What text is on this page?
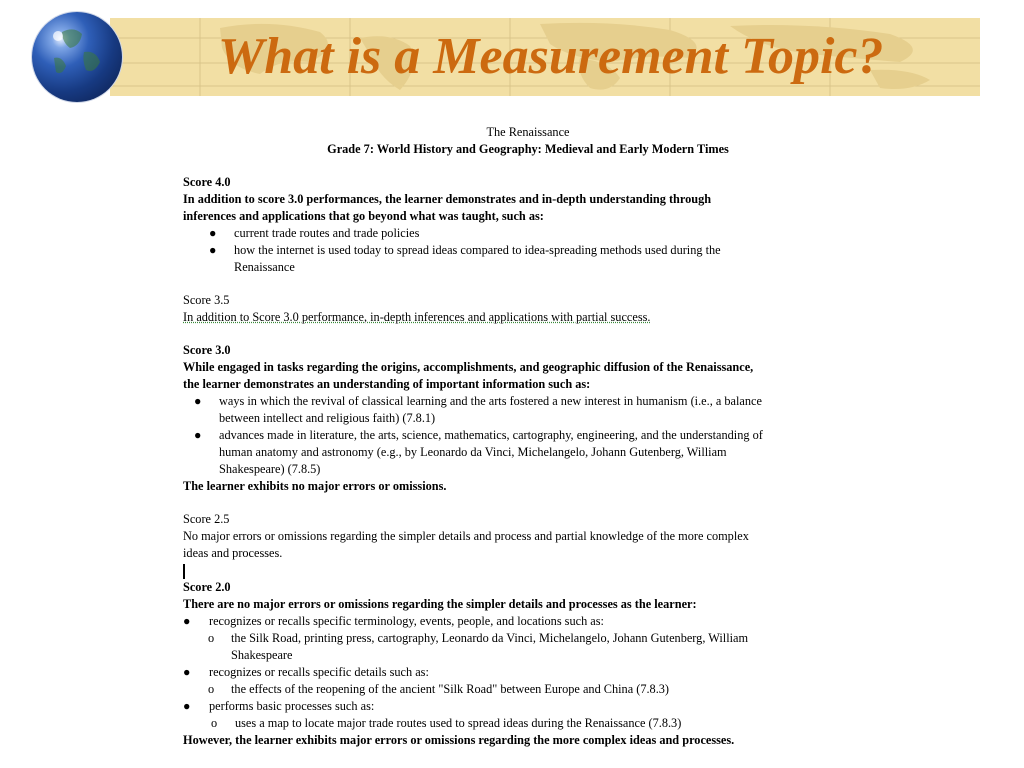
What is a Measurement Topic?
The Renaissance
Grade 7: World History and Geography: Medieval and Early Modern Times
Score 4.0
In addition to score 3.0 performances, the learner demonstrates and in-depth understanding through
inferences and applications that go beyond what was taught, such as:
● current trade routes and trade policies
● how the internet is used today to spread ideas compared to idea-spreading methods used during the
Renaissance
Score 3.5
In addition to Score 3.0 performance, in-depth inferences and applications with partial success.
Score 3.0
While engaged in tasks regarding the origins, accomplishments, and geographic diffusion of the Renaissance,
the learner demonstrates an understanding of important information such as:
● ways in which the revival of classical learning and the arts fostered a new interest in humanism (i.e., a balance
between intellect and religious faith) (7.8.1)
● advances made in literature, the arts, science, mathematics, cartography, engineering, and the understanding of
human anatomy and astronomy (e.g., by Leonardo da Vinci, Michelangelo, Johann Gutenberg, William
Shakespeare) (7.8.5)
The learner exhibits no major errors or omissions.
Score 2.5
No major errors or omissions regarding the simpler details and process and partial knowledge of the more complex
ideas and processes.
Score 2.0
There are no major errors or omissions regarding the simpler details and processes as the learner:
● recognizes or recalls specific terminology, events, people, and locations such as:
o the Silk Road, printing press, cartography, Leonardo da Vinci, Michelangelo, Johann Gutenberg, William
Shakespeare
● recognizes or recalls specific details such as:
o the effects of the reopening of the ancient "Silk Road" between Europe and China (7.8.3)
● performs basic processes such as:
o uses a map to locate major trade routes used to spread ideas during the Renaissance (7.8.3)
However, the learner exhibits major errors or omissions regarding the more complex ideas and processes.
